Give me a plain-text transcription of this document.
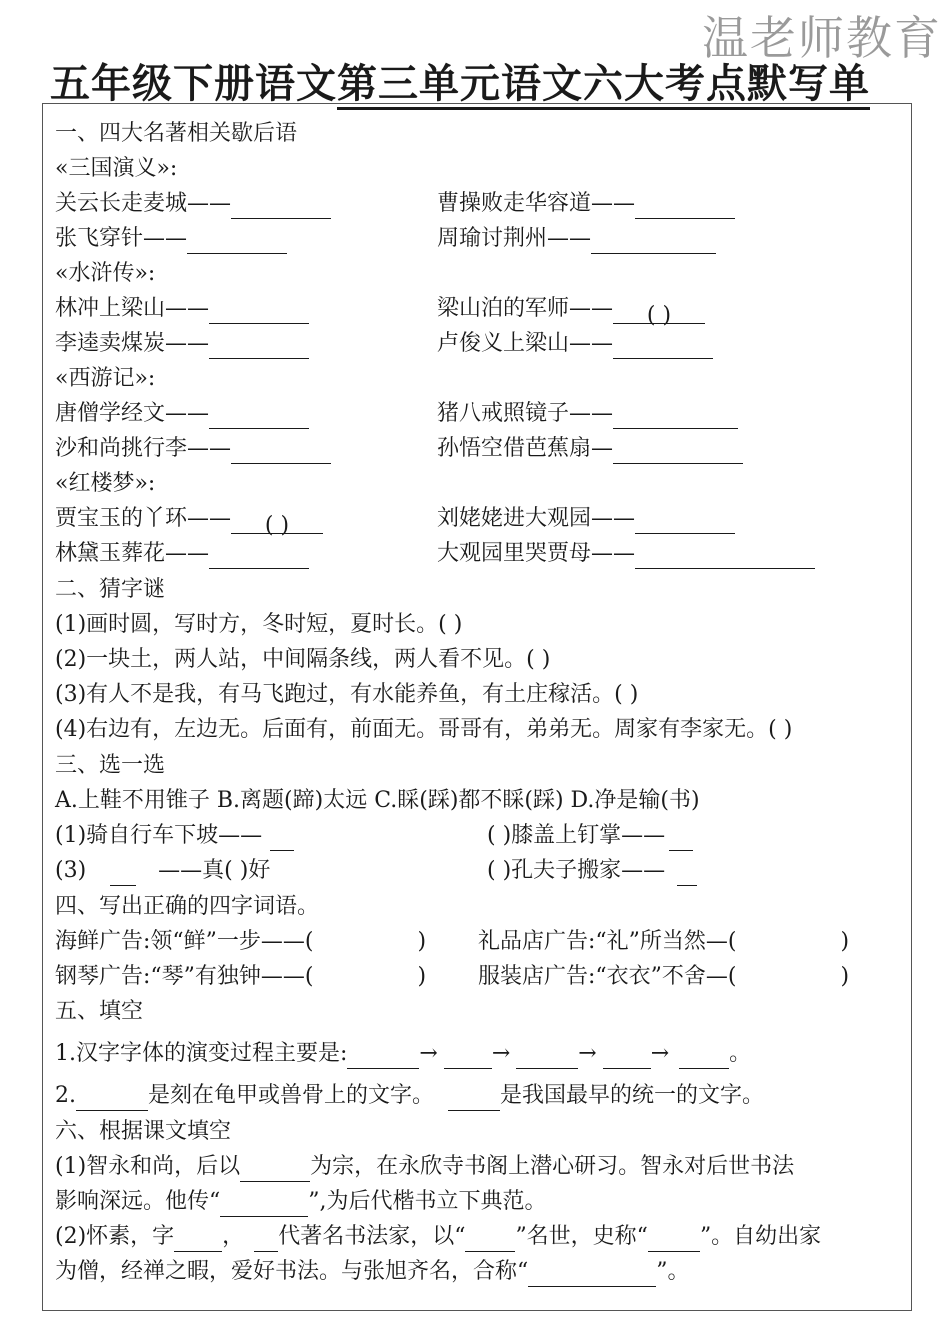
温老师教育
五年级下册语文第三单元语文六大考点默写单
一、四大名著相关歇后语
«三国演义»:
关云长走麦城——	曹操败走华容道——
张飞穿针——	周瑜讨荆州——
«水浒传»:
林冲上梁山——	梁山泊的军师—— ( )
李逵卖煤炭——	卢俊义上梁山——
«西游记»:
唐僧学经文——	猪八戒照镜子——
沙和尚挑行李——	孙悟空借芭蕉扇—
«红楼梦»:
贾宝玉的丫环—— ( )	刘姥姥进大观园——
林黛玉葬花——	大观园里哭贾母——
二、猜字谜
(1)画时圆，写时方，冬时短，夏时长。( )
(2)一块土，两人站，中间隔条线，两人看不见。( )
(3)有人不是我，有马飞跑过，有水能养鱼，有土庄稼活。( )
(4)右边有，左边无。后面有，前面无。哥哥有，弟弟无。周家有李家无。( )
三、选一选
A.上鞋不用锥子 B.离题(蹄)太远 C.睬(踩)都不睬(踩) D.净是输(书)
(1)骑自行车下坡——	( )膝盖上钉掌——
(3)	——真( )好	( )孔夫子搬家——
四、写出正确的四字词语。
海鲜广告:领“鲜”一步——(	) 礼品店广告:“礼”所当然—(	)
钢琴广告:“琴”有独钟——(	) 服装店广告:“衣衣”不舍—(	)
五、填空
1.汉字字体的演变过程主要是:	→ →	→ →	。
2.	是刻在龟甲或兽骨上的文字。	是我国最早的统一的文字。
六、根据课文填空
(1)智永和尚，后以	为宗，在永欣寺书阁上潜心研习。智永对后世书法
影响深远。他传“	”,为后代楷书立下典范。
(2)怀素，字 ， 代著名书法家，以“ ”名世，史称“ ”。自幼出家
为僧，经禅之暇，爱好书法。与张旭齐名，合称“	”。
